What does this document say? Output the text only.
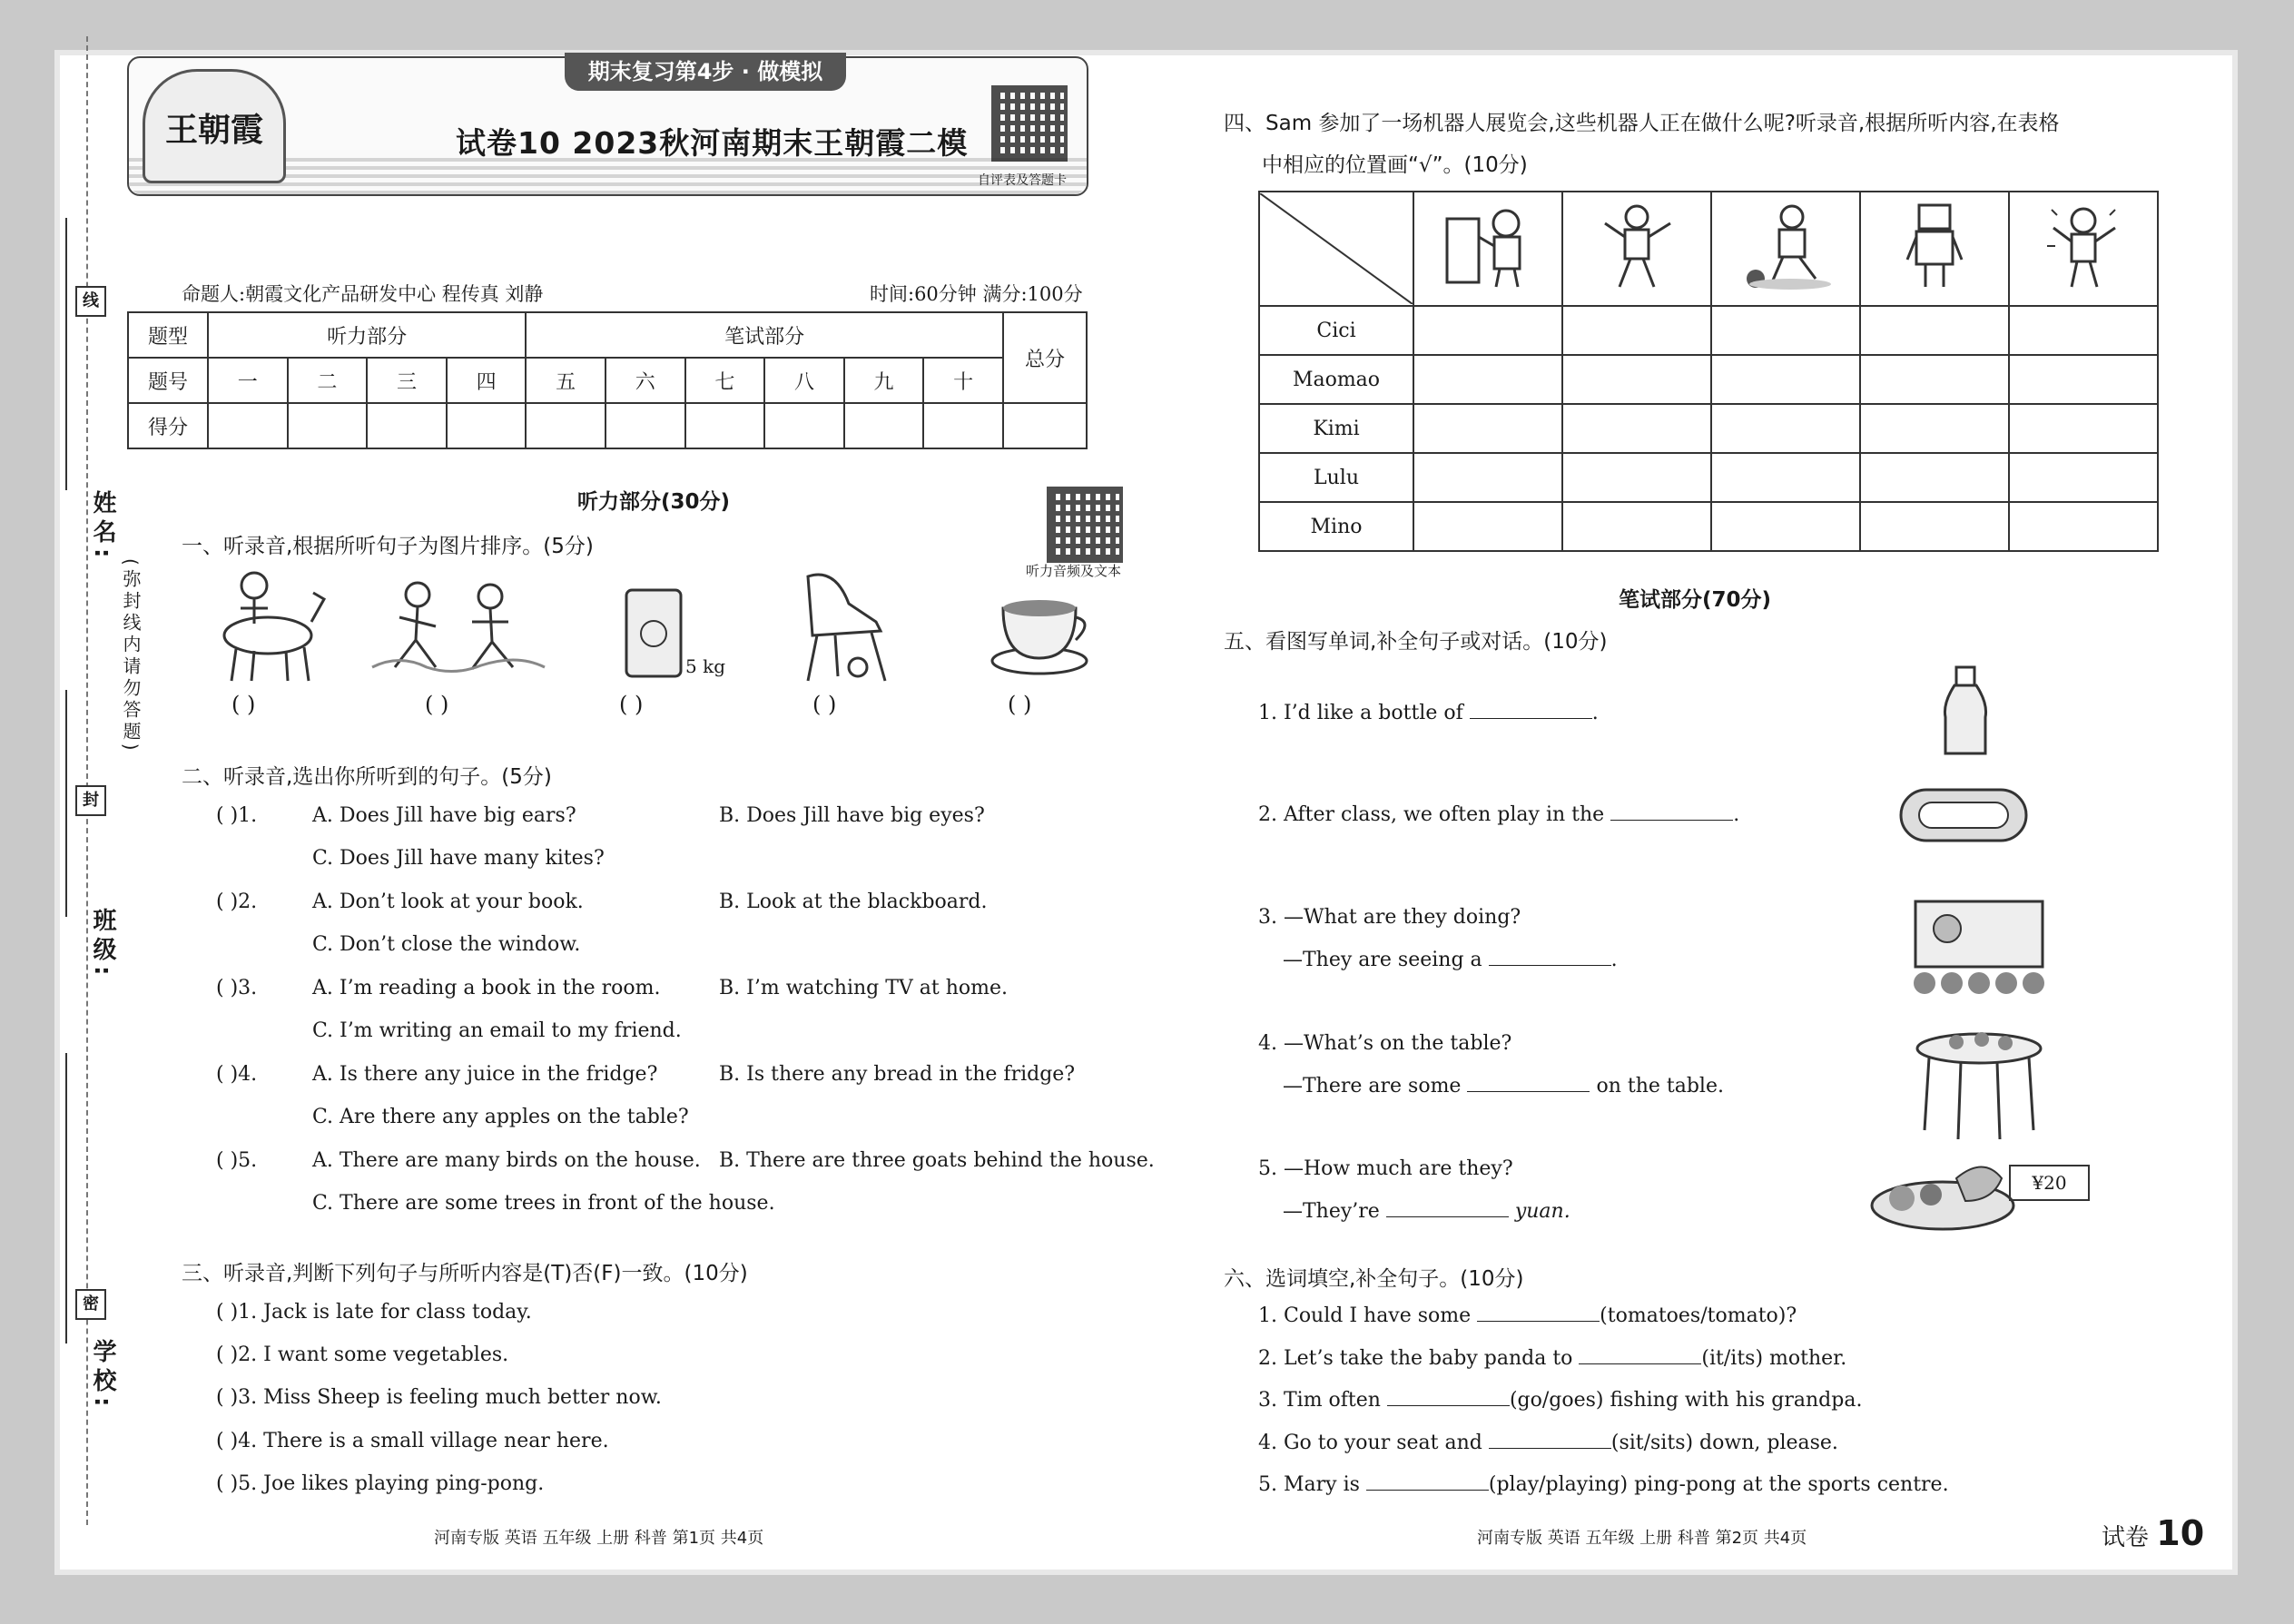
姓名:
班级:
学校:
(弥封线内请勿答题)
线
封
密
王朝霞
期末复习第4步 · 做模拟
试卷10 2023秋河南期末王朝霞二模
自评表及答题卡
命题人:朝霞文化产品研发中心 程传真 刘静	时间:60分钟 满分:100分
题型	听力部分				笔试部分						总分
题号	一	二	三	四	五	六	七	八	九	十	
得分											
听力部分(30分)
听力音频及文本
一、听录音,根据所听句子为图片排序。(5分)
5 kg
( )	( )	( )	( )	( )
二、听录音,选出你所听到的句子。(5分)
( )1.	A. Does Jill have big ears?	B. Does Jill have big eyes?
C. Does Jill have many kites?
( )2.	A. Don’t look at your book.	B. Look at the blackboard.
C. Don’t close the window.
( )3.	A. I’m reading a book in the room.	B. I’m watching TV at home.
C. I’m writing an email to my friend.
( )4.	A. Is there any juice in the fridge?	B. Is there any bread in the fridge?
C. Are there any apples on the table?
( )5.	A. There are many birds on the house. B. There are three goats behind the house.
C. There are some trees in front of the house.
三、听录音,判断下列句子与所听内容是(T)否(F)一致。(10分)
( )1. Jack is late for class today.
( )2. I want some vegetables.
( )3. Miss Sheep is feeling much better now.
( )4. There is a small village near here.
( )5. Joe likes playing ping-pong.
四、Sam 参加了一场机器人展览会,这些机器人正在做什么呢?听录音,根据所听内容,在表格
中相应的位置画“√”。(10分)

Cici					
Maomao					
Kimi					
Lulu					
Mino					
笔试部分(70分)
五、看图写单词,补全句子或对话。(10分)
1. I’d like a bottle of	.
2. After class, we often play in the	.
3. —What are they doing?
—They are seeing a	.
4. —What’s on the table?
—There are some	on the table.
5. —How much are they?
—They’re	yuan.
¥20
六、选词填空,补全句子。(10分)
1. Could I have some	(tomatoes/tomato)?
2. Let’s take the baby panda to	(it/its) mother.
3. Tim often	(go/goes) fishing with his grandpa.
4. Go to your seat and	(sit/sits) down, please.
5. Mary is	(play/playing) ping-pong at the sports centre.
河南专版 英语 五年级 上册 科普 第1页 共4页	河南专版 英语 五年级 上册 科普 第2页 共4页	试卷 10
